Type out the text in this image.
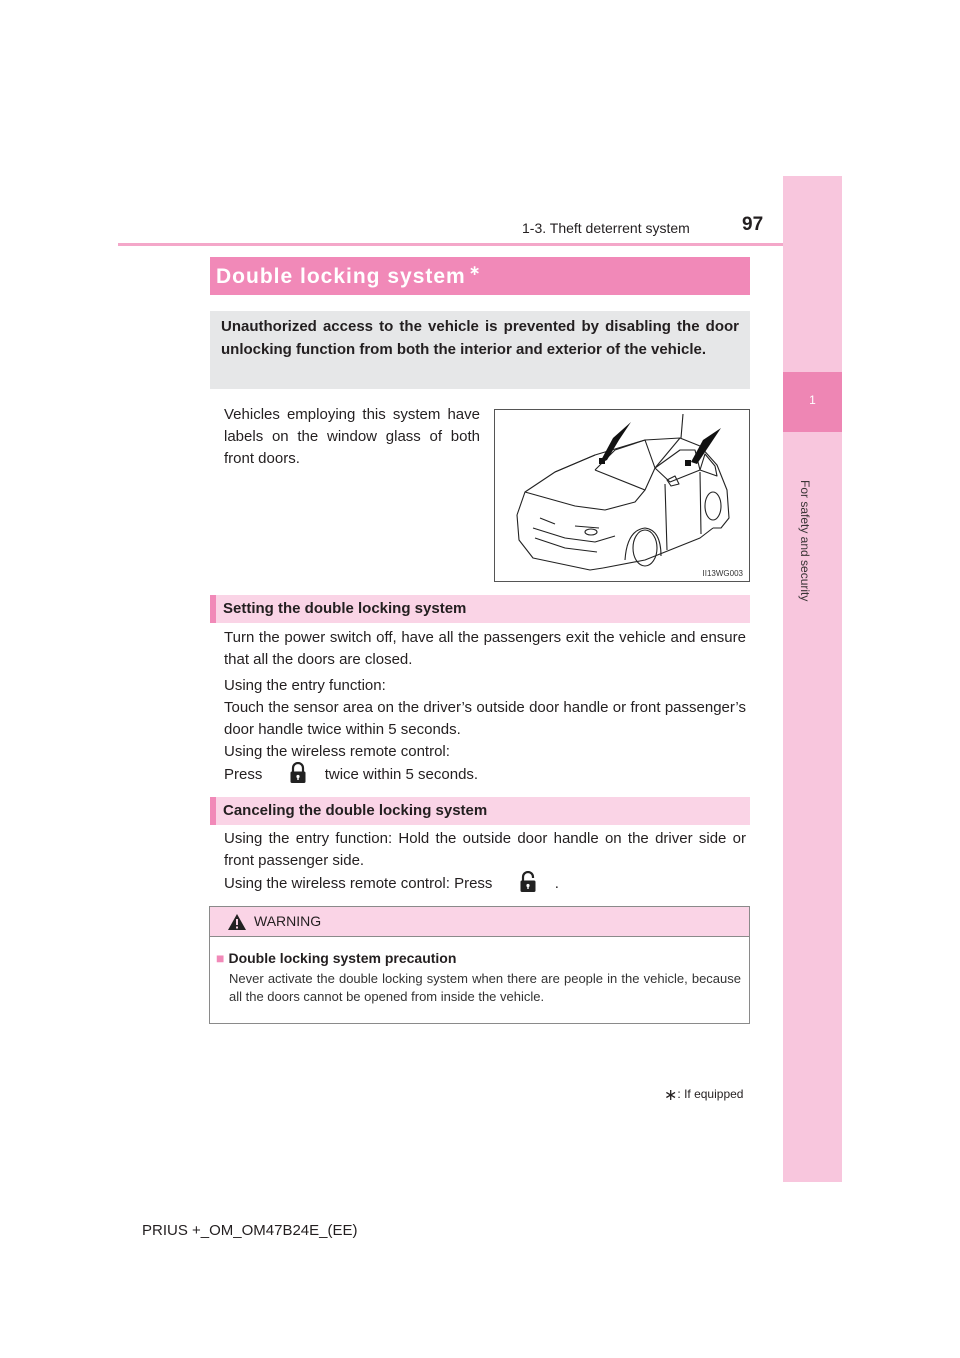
1-3. Theft deterrent system	97
1
For safety and security
Double locking system ∗
Unauthorized access to the vehicle is prevented by disabling the door unlocking function from both the interior and exterior of the vehicle.
Vehicles employing this system have labels on the window glass of both front doors.
II13WG003
Setting the double locking system
Turn the power switch off, have all the passengers exit the vehicle and ensure that all the doors are closed.
Using the entry function:
Touch the sensor area on the driver’s outside door handle or front passenger’s door handle twice within 5 seconds.
Using the wireless remote control:
Press	twice within 5 seconds.
Canceling the double locking system
Using the entry function: Hold the outside door handle on the driver side or front passenger side.
Using the wireless remote control: Press	.
WARNING
■ Double locking system precaution
Never activate the double locking system when there are people in the vehicle, because all the doors cannot be opened from inside the vehicle.
∗: If equipped
PRIUS +_OM_OM47B24E_(EE)
